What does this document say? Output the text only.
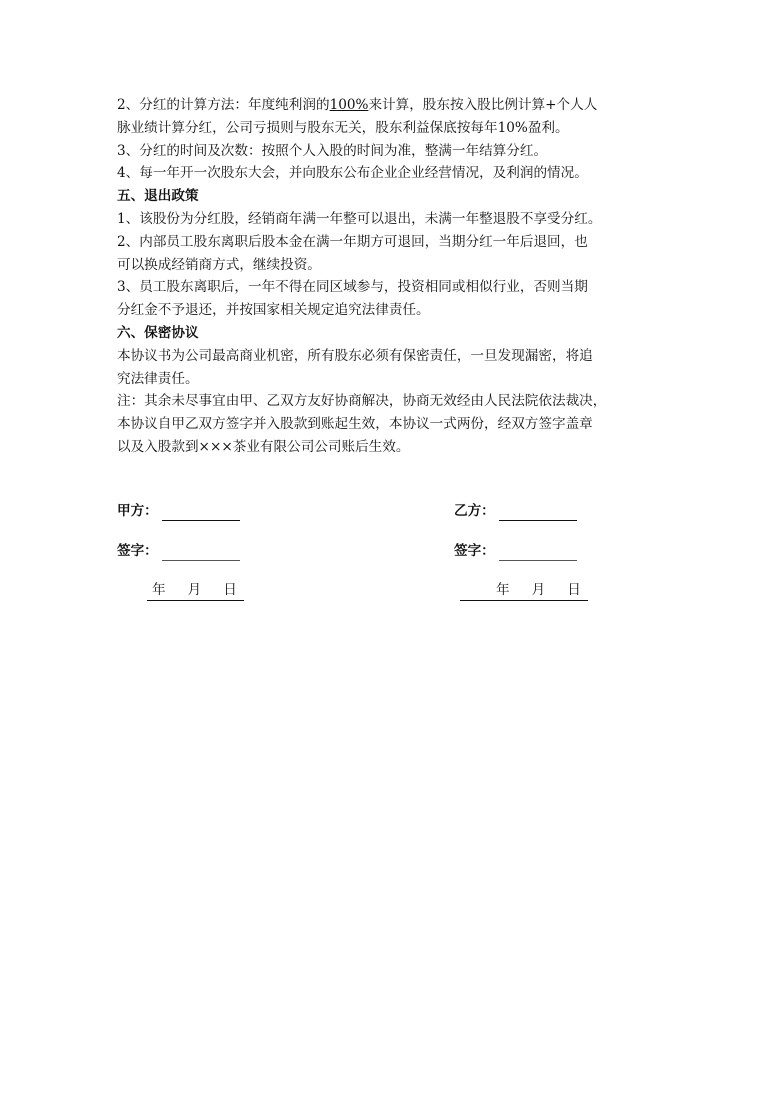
2、分红的计算方法：年度纯利润的100%来计算，股东按入股比例计算+个人人

脉业绩计算分红，公司亏损则与股东无关，股东利益保底按每年10%盈利。

3、分红的时间及次数：按照个人入股的时间为准，整满一年结算分红。

4、每一年开一次股东大会，并向股东公布企业企业经营情况，及利润的情况。

五、退出政策

1、该股份为分红股，经销商年满一年整可以退出，未满一年整退股不享受分红。

2、内部员工股东离职后股本金在满一年期方可退回，当期分红一年后退回，也

可以换成经销商方式，继续投资。

3、员工股东离职后，一年不得在同区域参与，投资相同或相似行业，否则当期

分红金不予退还，并按国家相关规定追究法律责任。

六、保密协议

本协议书为公司最高商业机密，所有股东必须有保密责任，一旦发现漏密，将追

究法律责任。

注：其余未尽事宜由甲、乙双方友好协商解决，协商无效经由人民法院依法裁决，

本协议自甲乙双方签字并入股款到账起生效，本协议一式两份，经双方签字盖章

以及入股款到×××茶业有限公司公司账后生效。

甲方：	乙方：
签字：	签字：
年 月 日	年 月 日
